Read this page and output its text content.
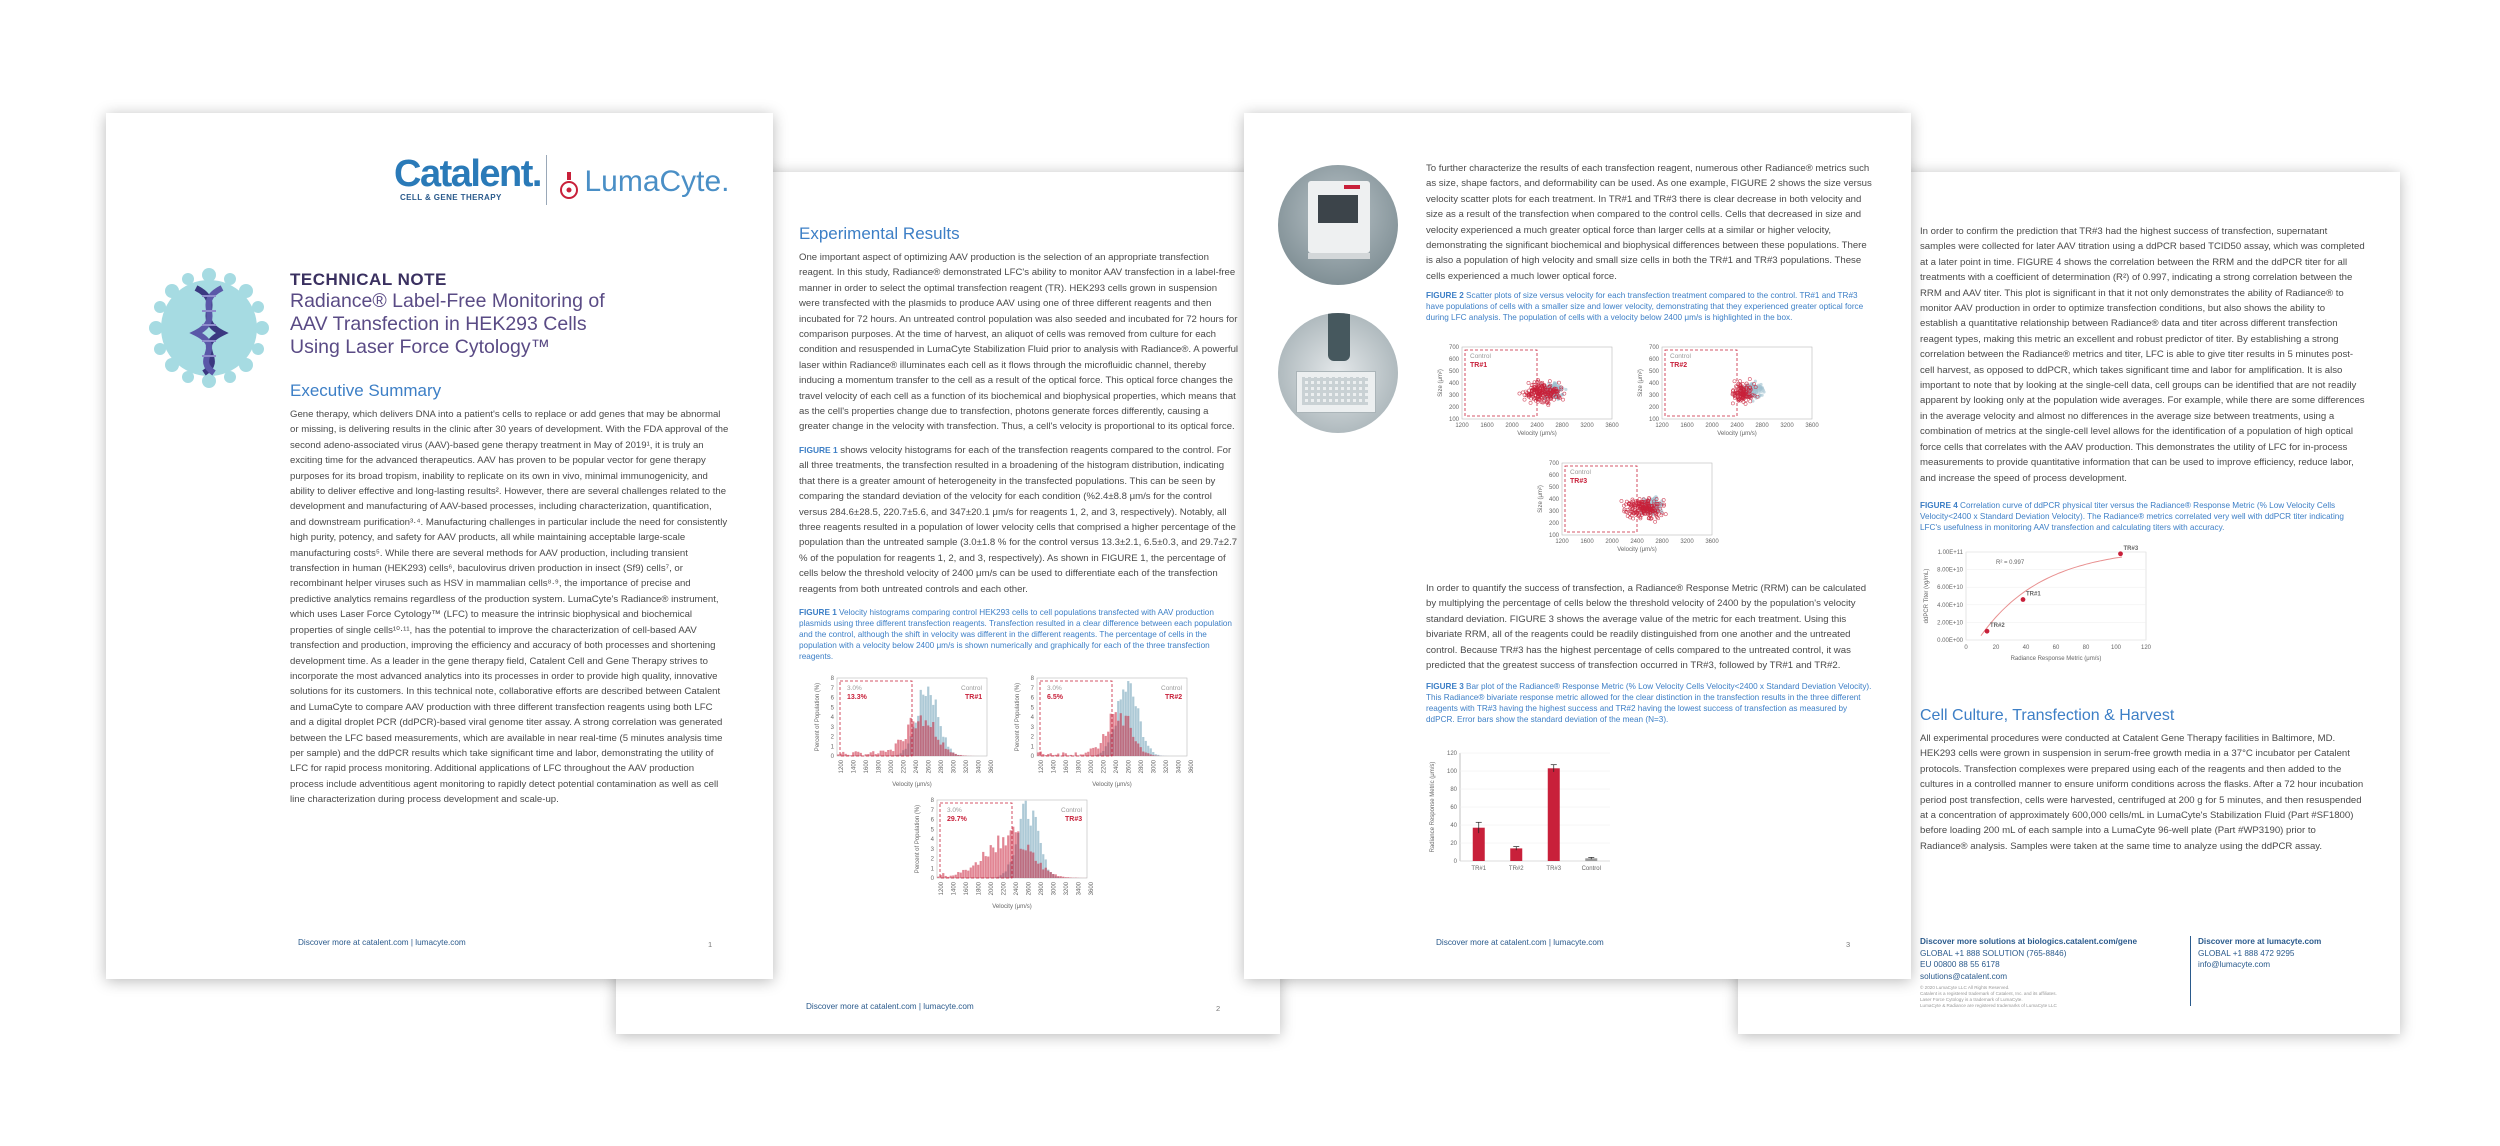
Experimental Results

One important aspect of optimizing AAV production is the selection of an appropriate transfection reagent. In this study, Radiance® demonstrated LFC's ability to monitor AAV transfection in a label-free manner in order to select the optimal transfection reagent (TR). HEK293 cells grown in suspension were transfected with the plasmids to produce AAV using one of three different reagents and then incubated for 72 hours. An untreated control population was also seeded and incubated for 72 hours for comparison purposes. At the time of harvest, an aliquot of cells was removed from culture for each condition and resuspended in LumaCyte Stabilization Fluid prior to analysis with Radiance®. A powerful laser within Radiance® illuminates each cell as it flows through the microfluidic channel, thereby inducing a momentum transfer to the cell as a result of the optical force. This optical force changes the travel velocity of each cell as a function of its biochemical and biophysical properties, which means that as the cell's properties change due to transfection, photons generate forces differently, causing a greater change in the velocity with transfection. Thus, a cell's velocity is proportional to its optical force.

FIGURE 1 shows velocity histograms for each of the transfection reagents compared to the control. For all three treatments, the transfection resulted in a broadening of the histogram distribution, indicating that there is a greater amount of heterogeneity in the transfected populations. This can be seen by comparing the standard deviation of the velocity for each condition (%2.4±8.8 μm/s for the control versus 284.6±28.5, 220.7±5.6, and 347±20.1 μm/s for reagents 1, 2, and 3, respectively). Notably, all three reagents resulted in a population of lower velocity cells that comprised a higher percentage of the population than the untreated sample (3.0±1.8 % for the control versus 13.3±2.1, 6.5±0.3, and 29.7±2.7 % of the population for reagents 1, 2, and 3, respectively). As shown in FIGURE 1, the percentage of cells below the threshold velocity of 2400 μm/s can be used to differentiate each of the transfection reagents from both untreated controls and each other.

FIGURE 1 Velocity histograms comparing control HEK293 cells to cell populations transfected with AAV production plasmids using three different transfection reagents. Transfection resulted in a clear difference between each population and the control, although the shift in velocity was different in the different reagents. The percentage of cells in the population with a velocity below 2400 μm/s is shown numerically and graphically for each of the three transfection reagents.

3.0%
13.3%
Control
TR#1
1200 1400 1600 1800 2000 2200 2400 2600 2800 3000 3200 3400 3600
0
1
2
3
4
5
6
7
8
Percent of Population (%)
Velocity (μm/s)
3.0%
6.5%
Control
TR#2
1200 1400 1600 1800 2000 2200 2400 2600 2800 3000 3200 3400 3600
0
1
2
3
4
5
6
7
8
Percent of Population (%)
Velocity (μm/s)
3.0%
29.7%
Control
TR#3
1200 1400 1600 1800 2000 2200 2400 2600 2800 3000 3200 3400 3600
0
1
2
3
4
5
6
7
8
Percent of Population (%)
Velocity (μm/s)
Discover more at catalent.com | lumacyte.com	2

In order to confirm the prediction that TR#3 had the highest success of transfection, supernatant samples were collected for later AAV titration using a ddPCR based TCID50 assay, which was completed at a later point in time. FIGURE 4 shows the correlation between the RRM and the ddPCR titer for all treatments with a coefficient of determination (R²) of 0.997, indicating a strong correlation between the RRM and AAV titer. This plot is significant in that it not only demonstrates the ability of Radiance® to monitor AAV production in order to optimize transfection conditions, but also shows the ability to establish a quantitative relationship between Radiance® data and titer across different transfection reagent types, making this metric an excellent and robust predictor of titer. By establishing a strong correlation between the Radiance® metrics and titer, LFC is able to give titer results in 5 minutes post-cell harvest, as opposed to ddPCR, which takes significant time and labor for amplification. It is also important to note that by looking at the single-cell data, cell groups can be identified that are not readily apparent by looking only at the population wide averages. For example, while there are some differences in the average velocity and almost no differences in the average size between treatments, using a combination of metrics at the single-cell level allows for the identification of a population of high optical force cells that correlates with the AAV production. This demonstrates the utility of LFC for in-process measurements to provide quantitative information that can be used to improve efficiency, reduce labor, and increase the speed of process development.

FIGURE 4 Correlation curve of ddPCR physical titer versus the Radiance® Response Metric (% Low Velocity Cells Velocity<2400 x Standard Deviation Velocity). The Radiance® metrics correlated very well with ddPCR titer indicating LFC's usefulness in monitoring AAV transfection and calculating titers with accuracy.

0.00E+00
2.00E+10
4.00E+10
6.00E+10
8.00E+10
1.00E+11
0	20	40	60	80	100	120
TR#2
TR#1
TR#3
R² = 0.997
ddPCR Titer (vg/mL)
Radiance Response Metric (μm/s)
Cell Culture, Transfection & Harvest

All experimental procedures were conducted at Catalent Gene Therapy facilities in Baltimore, MD. HEK293 cells were grown in suspension in serum-free growth media in a 37°C incubator per Catalent protocols. Transfection complexes were prepared using each of the reagents and then added to the cultures in a controlled manner to ensure uniform conditions across the flasks. After a 72 hour incubation period post transfection, cells were harvested, centrifuged at 200 g for 5 minutes, and then resuspended at a concentration of approximately 600,000 cells/mL in LumaCyte's Stabilization Fluid (Part #SF1800) before loading 200 mL of each sample into a LumaCyte 96-well plate (Part #WP3190) prior to Radiance® analysis. Samples were taken at the same time to analyze using the ddPCR assay.

Discover more solutions at biologics.catalent.com/gene
GLOBAL +1 888 SOLUTION (765-8846)
EU 00800 88 55 6178
solutions@catalent.com
© 2020 LumaCyte LLC All Rights Reserved.
Catalent is a registered trademark of Catalent, Inc. and its affiliates.
Laser Force Cytology is a trademark of LumaCyte.
LumaCyte & Radiance are registered trademarks of LumaCyte LLC
Discover more at lumacyte.com
GLOBAL +1 888 472 9295
info@lumacyte.com
Catalent.
CELL & GENE THERAPY	LumaCyte.
TECHNICAL NOTE
Radiance® Label-Free Monitoring of
AAV Transfection in HEK293 Cells
Using Laser Force Cytology™
Executive Summary

Gene therapy, which delivers DNA into a patient's cells to replace or add genes that may be abnormal or missing, is delivering results in the clinic after 30 years of development. With the FDA approval of the second adeno-associated virus (AAV)-based gene therapy treatment in May of 2019¹, it is truly an exciting time for the advanced therapeutics. AAV has proven to be popular vector for gene therapy purposes for its broad tropism, inability to replicate on its own in vivo, minimal immunogenicity, and ability to deliver effective and long-lasting results². However, there are several challenges related to the development and manufacturing of AAV-based processes, including characterization, quantification, and downstream purification³·⁴. Manufacturing challenges in particular include the need for consistently high purity, potency, and safety for AAV products, all while maintaining acceptable large-scale manufacturing costs⁵. While there are several methods for AAV production, including transient transfection in human (HEK293) cells⁶, baculovirus driven production in insect (Sf9) cells⁷, or recombinant helper viruses such as HSV in mammalian cells⁸·⁹, the importance of precise and predictive analytics remains regardless of the production system. LumaCyte's Radiance® instrument, which uses Laser Force Cytology™ (LFC) to measure the intrinsic biophysical and biochemical properties of single cells¹⁰·¹¹, has the potential to improve the characterization of cell-based AAV transfection and production, improving the efficiency and accuracy of both processes and shortening development time. As a leader in the gene therapy field, Catalent Cell and Gene Therapy strives to incorporate the most advanced analytics into its processes in order to provide high quality, innovative solutions for its customers. In this technical note, collaborative efforts are described between Catalent and LumaCyte to compare AAV production with three different transfection reagents using both LFC and a digital droplet PCR (ddPCR)-based viral genome titer assay. A strong correlation was generated between the LFC based measurements, which are available in near real-time (5 minutes analysis time per sample) and the ddPCR results which take significant time and labor, demonstrating the utility of LFC for rapid process monitoring. Additional applications of LFC throughout the AAV production process include adventitious agent monitoring to rapidly detect potential contamination as well as cell line characterization during process development and scale-up.

Discover more at catalent.com | lumacyte.com	1

To further characterize the results of each transfection reagent, numerous other Radiance® metrics such as size, shape factors, and deformability can be used. As one example, FIGURE 2 shows the size versus velocity scatter plots for each treatment. In TR#1 and TR#3 there is clear decrease in both velocity and size as a result of the transfection when compared to the control cells. Cells that decreased in size and velocity experienced a much greater optical force than larger cells at a similar or higher velocity, demonstrating the significant biochemical and biophysical differences between these populations. There is also a population of high velocity and small size cells in both the TR#1 and TR#3 populations. These cells experienced a much lower optical force.

FIGURE 2 Scatter plots of size versus velocity for each transfection treatment compared to the control. TR#1 and TR#3 have populations of cells with a smaller size and lower velocity, demonstrating that they experienced greater optical force during LFC analysis. The population of cells with a velocity below 2400 μm/s is highlighted in the box.

Control
TR#1
1200 1600 2000 2400 2800 3200 3600
100
200
300
400
500
600
700
Size (μm²)
Velocity (μm/s)
Control
TR#2
1200 1600 2000 2400 2800 3200 3600
100
200
300
400
500
600
700
Size (μm²)
Velocity (μm/s)
Control
TR#3
1200 1600 2000 2400 2800 3200 3600
100
200
300
400
500
600
700
Size (μm²)
Velocity (μm/s)

In order to quantify the success of transfection, a Radiance® Response Metric (RRM) can be calculated by multiplying the percentage of cells below the threshold velocity of 2400 by the population's velocity standard deviation. FIGURE 3 shows the average value of the metric for each treatment. Using this bivariate RRM, all of the reagents could be readily distinguished from one another and the untreated control. Because TR#3 has the highest percentage of cells compared to the untreated control, it was predicted that the greatest success of transfection occurred in TR#3, followed by TR#1 and TR#2.

FIGURE 3 Bar plot of the Radiance® Response Metric (% Low Velocity Cells Velocity<2400 x Standard Deviation Velocity). This Radiance® bivariate response metric allowed for the clear distinction in the transfection results in the three different reagents with TR#3 having the highest success and TR#2 having the lowest success of transfection as measured by ddPCR. Error bars show the standard deviation of the mean (N=3).

0
20
40
60
80
100
120
TR#1	TR#2	TR#3	Control
Radiance Response Metric (μm/s)
Discover more at catalent.com | lumacyte.com	3
